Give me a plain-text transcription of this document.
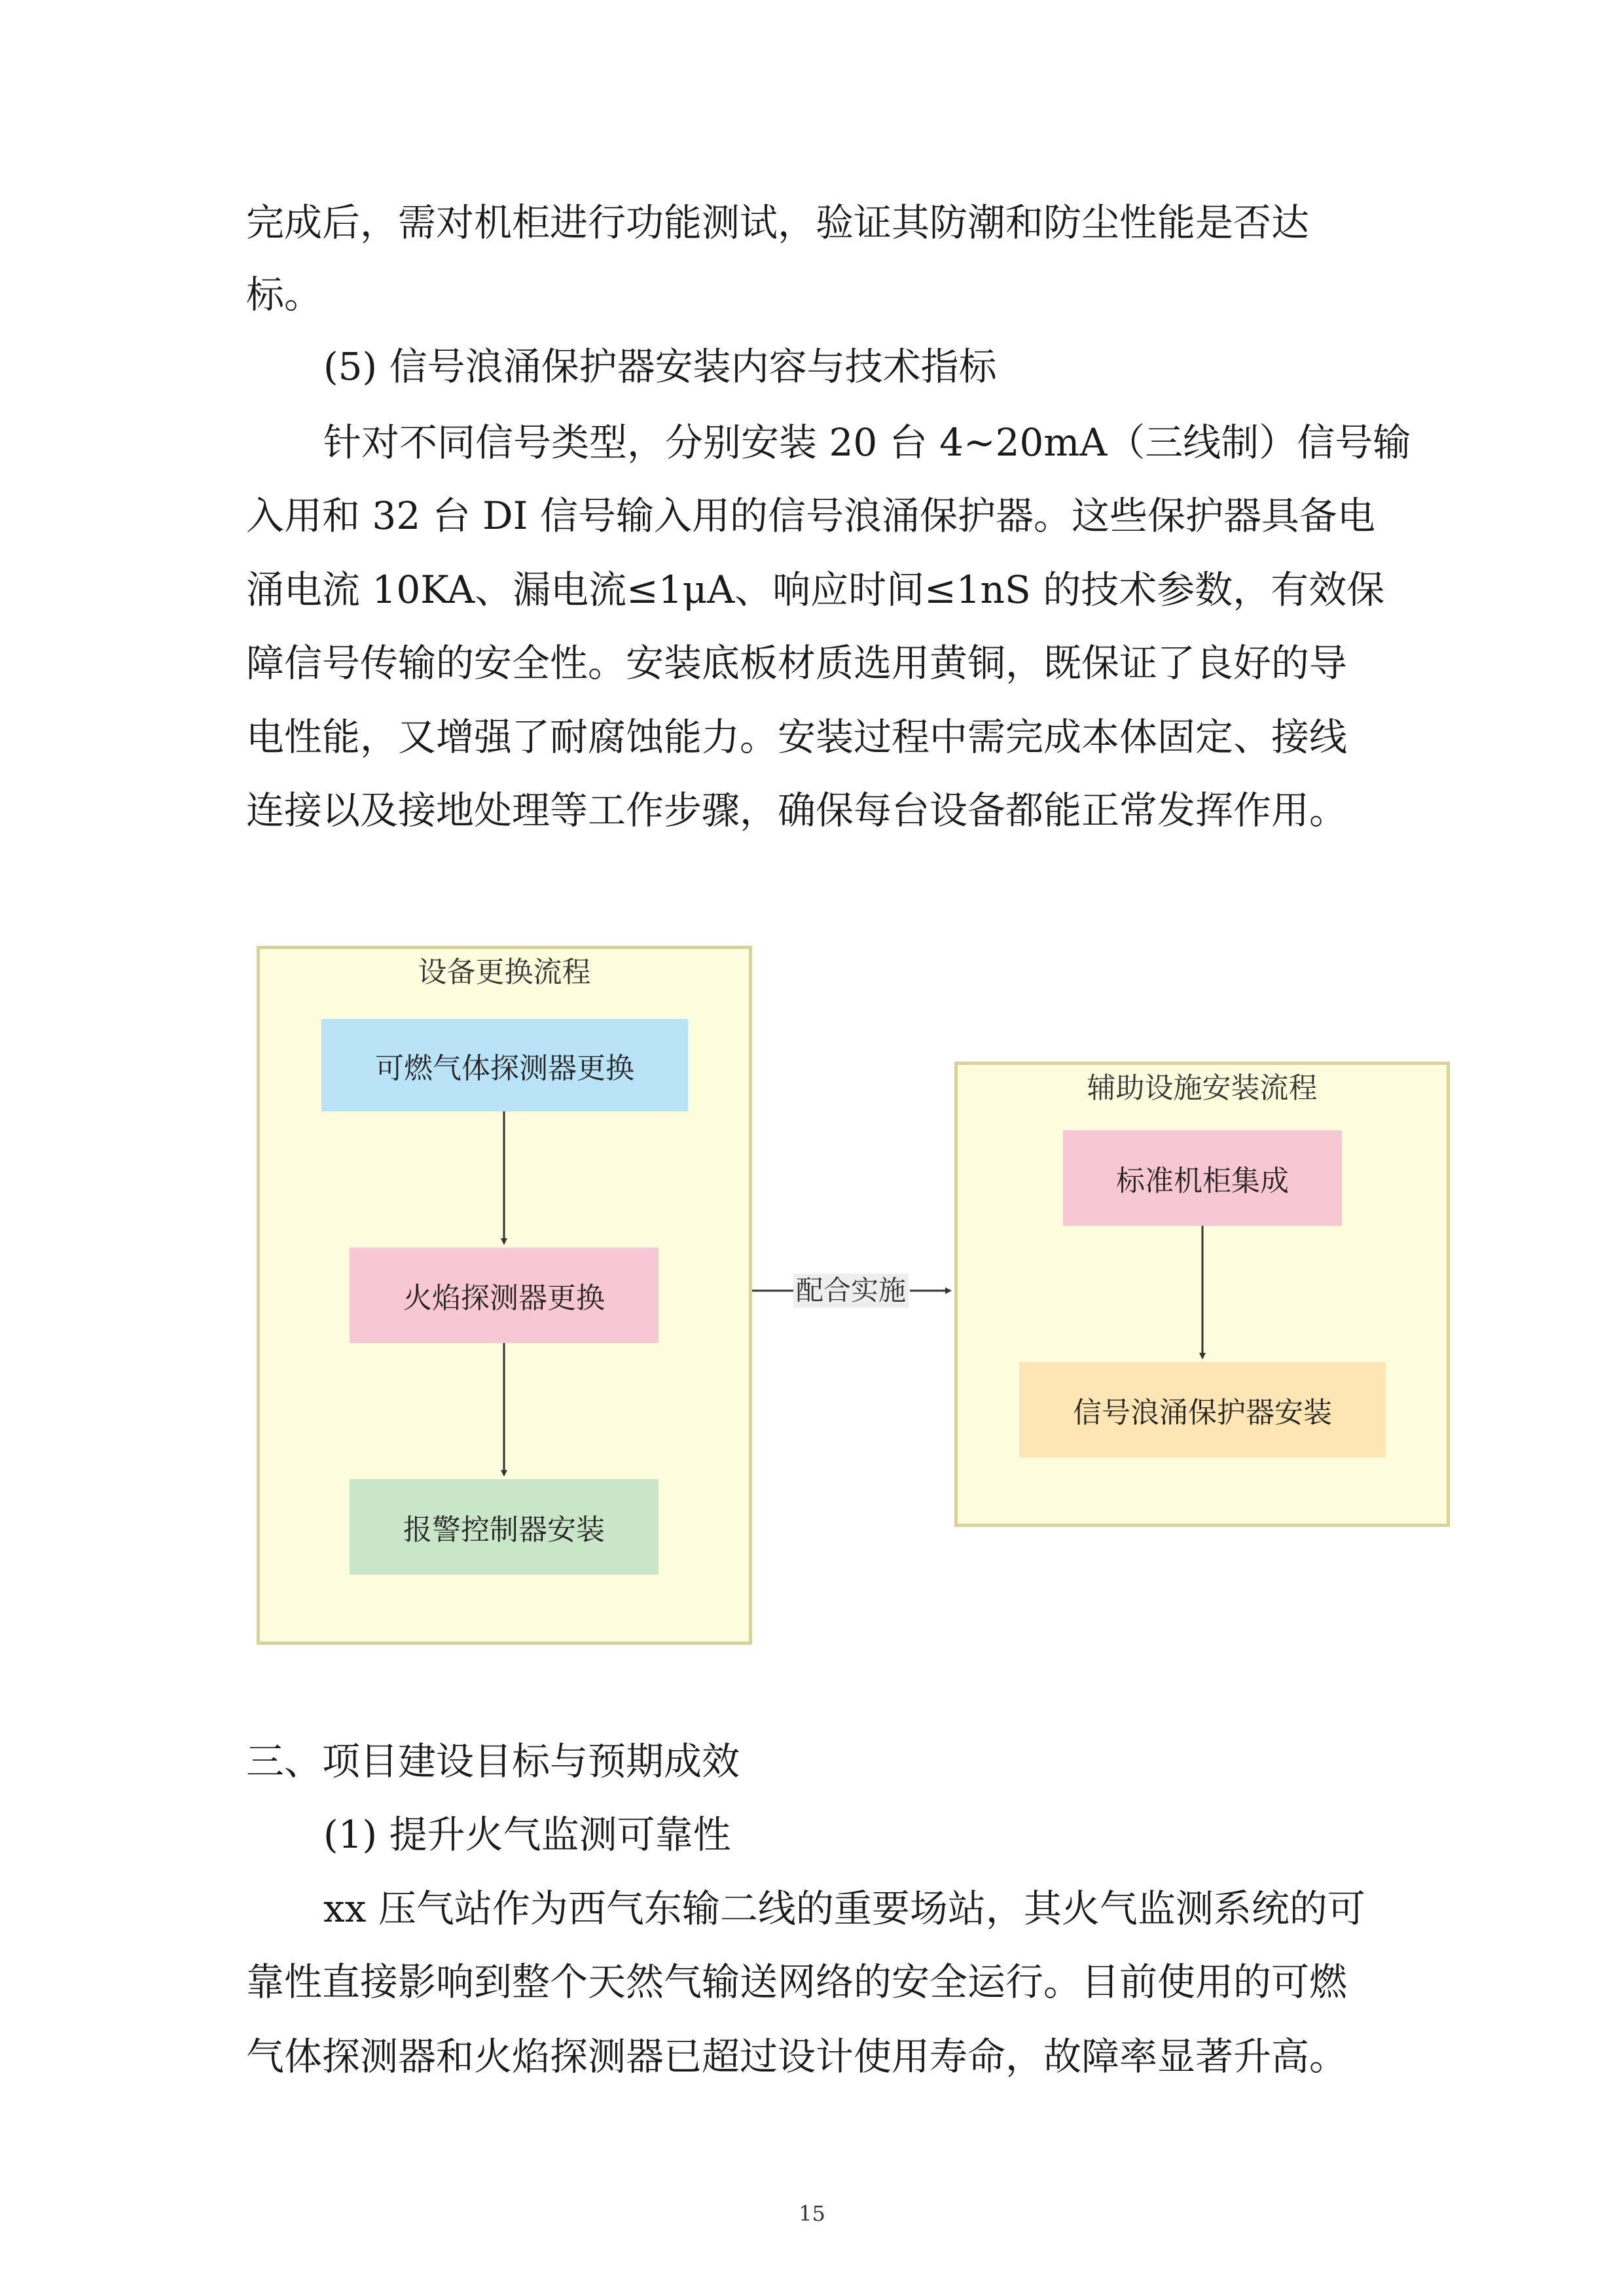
完成后，需对机柜进行功能测试，验证其防潮和防尘性能是否达
标。
(5) 信号浪涌保护器安装内容与技术指标
针对不同信号类型，分别安装 20 台 4~20mA（三线制）信号输
入用和 32 台 DI 信号输入用的信号浪涌保护器。这些保护器具备电
涌电流 10KA、漏电流≤1μA、响应时间≤1nS 的技术参数，有效保
障信号传输的安全性。安装底板材质选用黄铜，既保证了良好的导
电性能，又增强了耐腐蚀能力。安装过程中需完成本体固定、接线
连接以及接地处理等工作步骤，确保每台设备都能正常发挥作用。
设备更换流程
辅助设施安装流程
可燃气体探测器更换
火焰探测器更换
报警控制器安装
标准机柜集成
信号浪涌保护器安装
配合实施
三、项目建设目标与预期成效
(1) 提升火气监测可靠性
xx 压气站作为西气东输二线的重要场站，其火气监测系统的可
靠性直接影响到整个天然气输送网络的安全运行。目前使用的可燃
气体探测器和火焰探测器已超过设计使用寿命，故障率显著升高。
15
